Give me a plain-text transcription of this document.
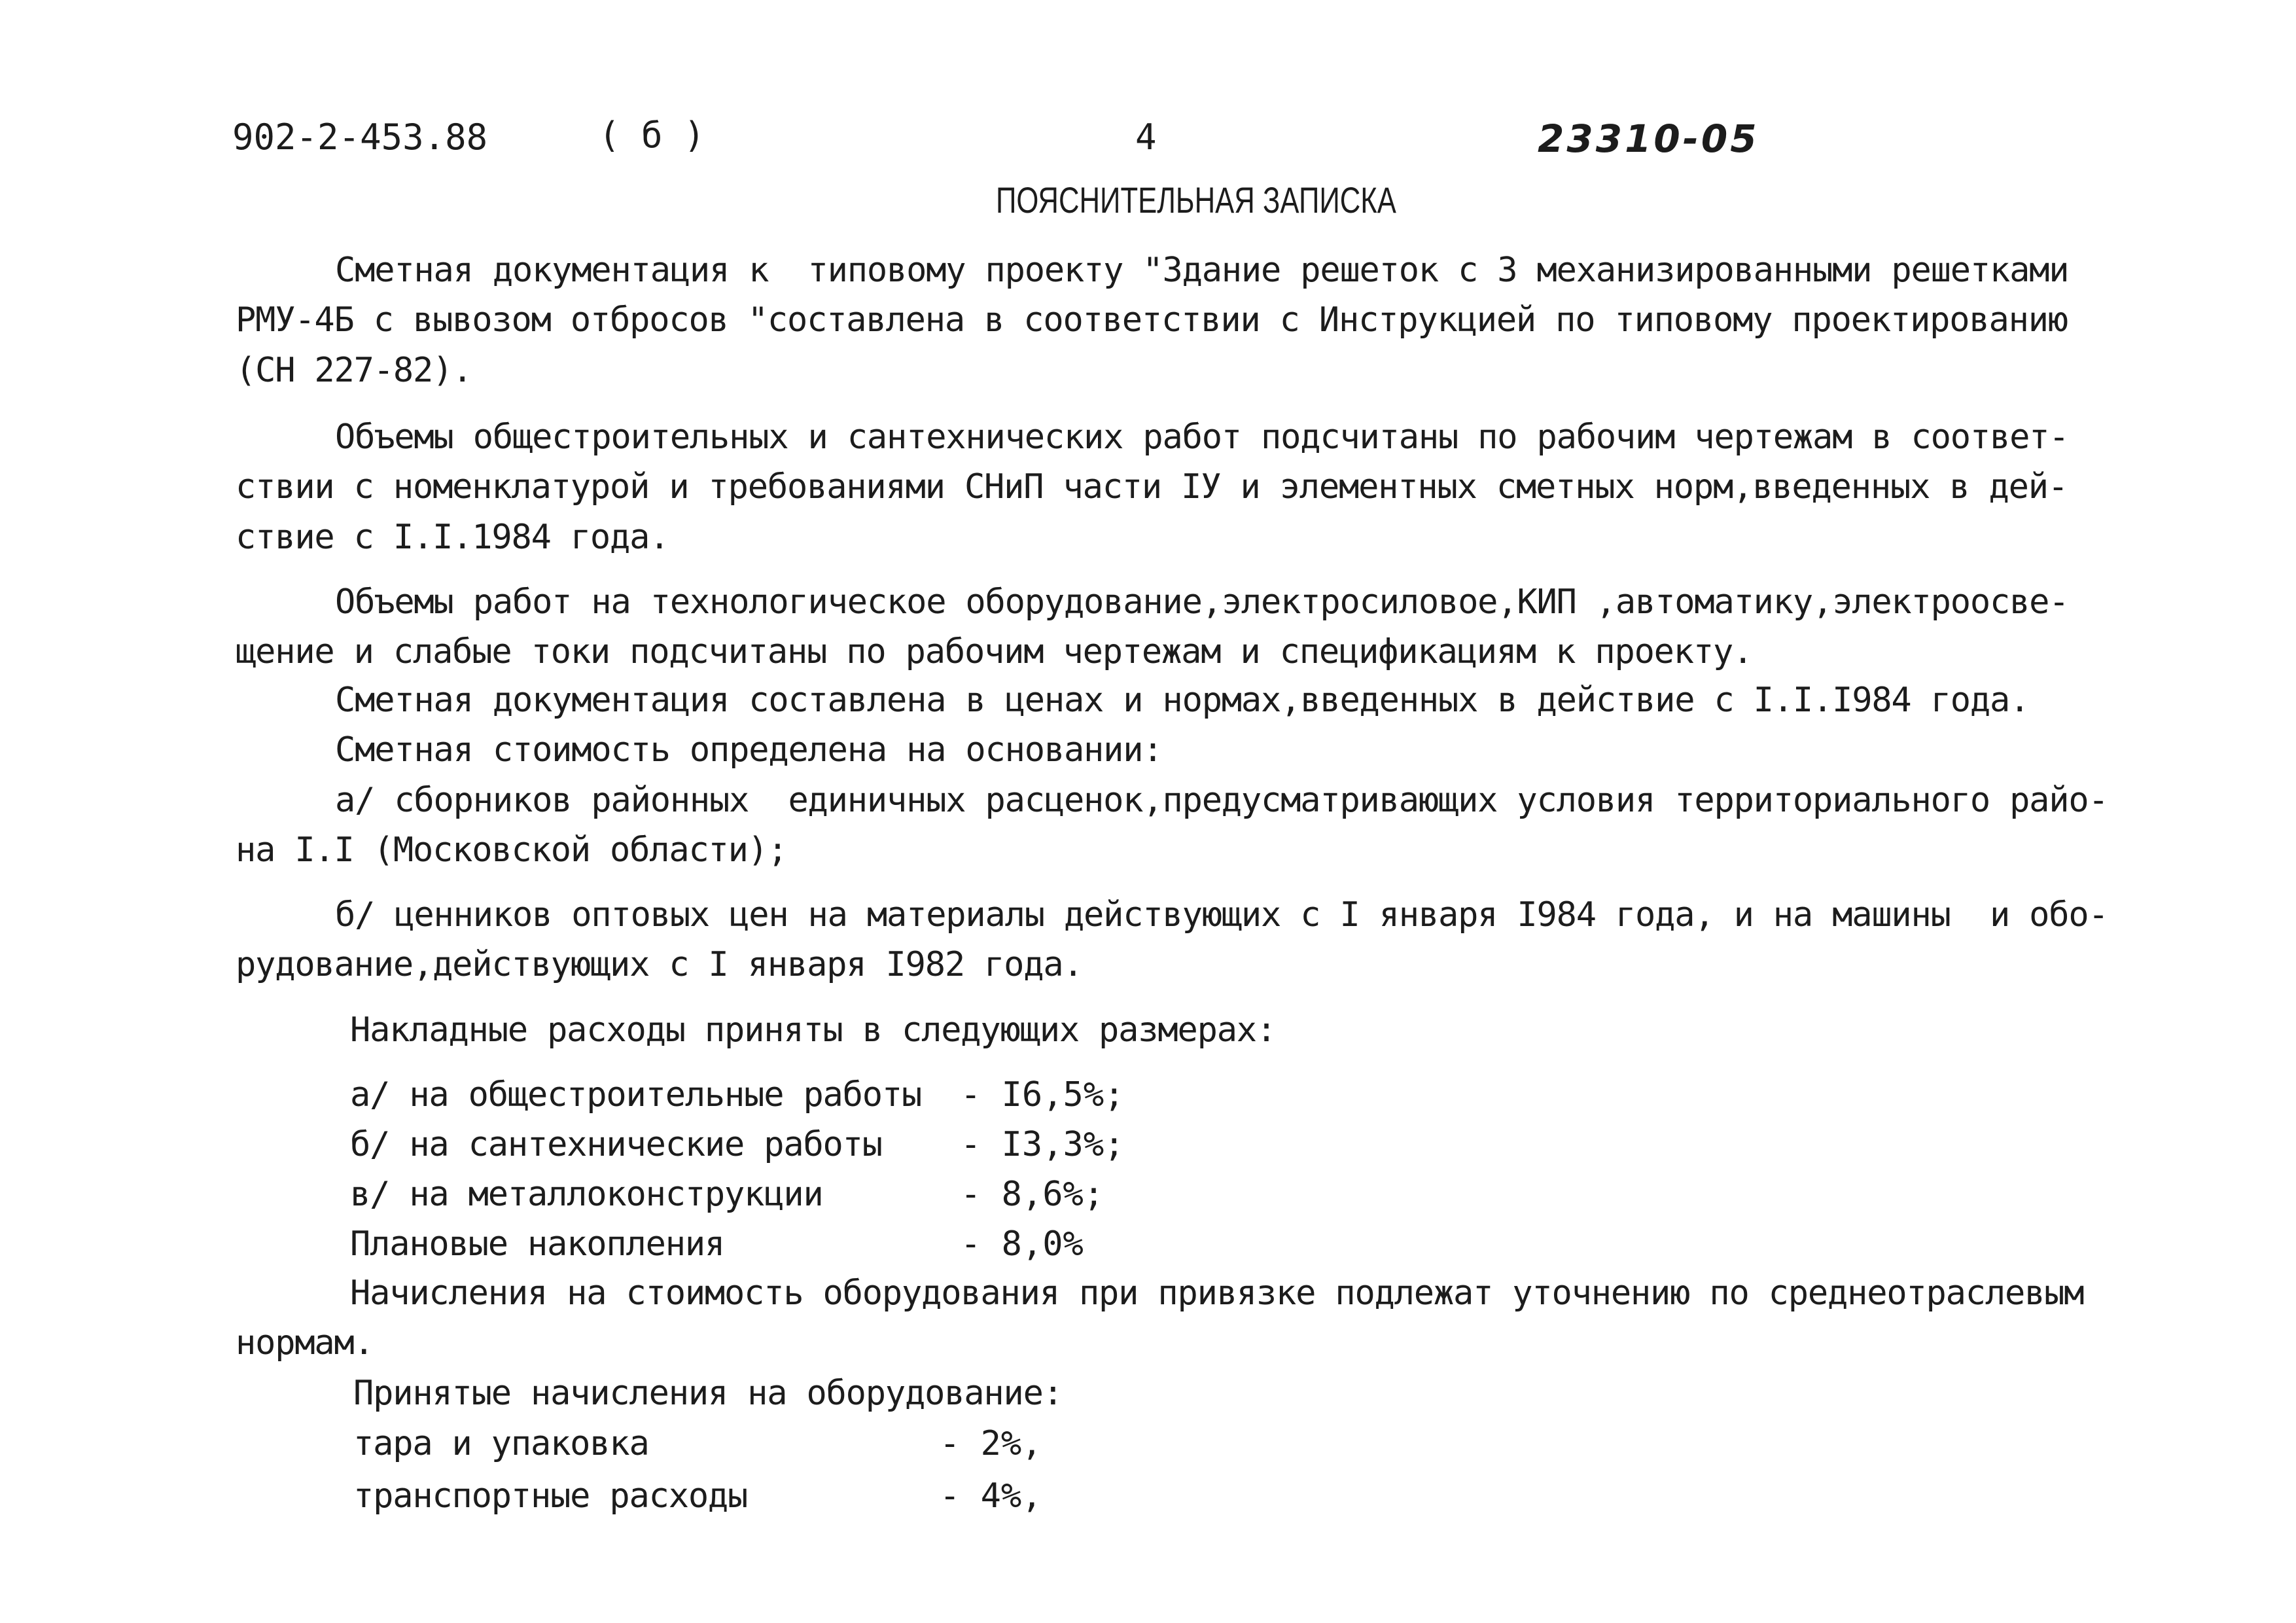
902-2-453.88	( б )	4	23310-05
ПОЯСНИТЕЛЬНАЯ ЗАПИСКА
Сметная документация к  типовому проекту "Здание решеток с 3 механизированными решетками
РМУ-4Б с вывозом отбросов "составлена в соответствии с Инструкцией по типовому проектированию
(СН 227-82).
Объемы общестроительных и сантехнических работ подсчитаны по рабочим чертежам в соответ-
ствии с номенклатурой и требованиями СНиП части IУ и элементных сметных норм,введенных в дей-
ствие с I.I.1984 года.
Объемы работ на технологическое оборудование,электросиловое,КИП ,автоматику,электроосве-
щение и слабые токи подсчитаны по рабочим чертежам и спецификациям к проекту.
Сметная документация составлена в ценах и нормах,введенных в действие с I.I.I984 года.
Сметная стоимость определена на основании:
а/ сборников районных  единичных расценок,предусматривающих условия территориального райо-
на I.I (Московской области);
б/ ценников оптовых цен на материалы действующих с I января I984 года, и на машины  и обо-
рудование,действующих с I января I982 года.
Накладные расходы приняты в следующих размерах:
а/ на общестроительные работы - I6,5%;
б/ на сантехнические работы - I3,3%;
в/ на металлоконструкции	- 8,6%;
Плановые накопления	- 8,0%
Начисления на стоимость оборудования при привязке подлежат уточнению по среднеотраслевым
нормам.
Принятые начисления на оборудование:
тара и упаковка	- 2%,
транспортные расходы	- 4%,
